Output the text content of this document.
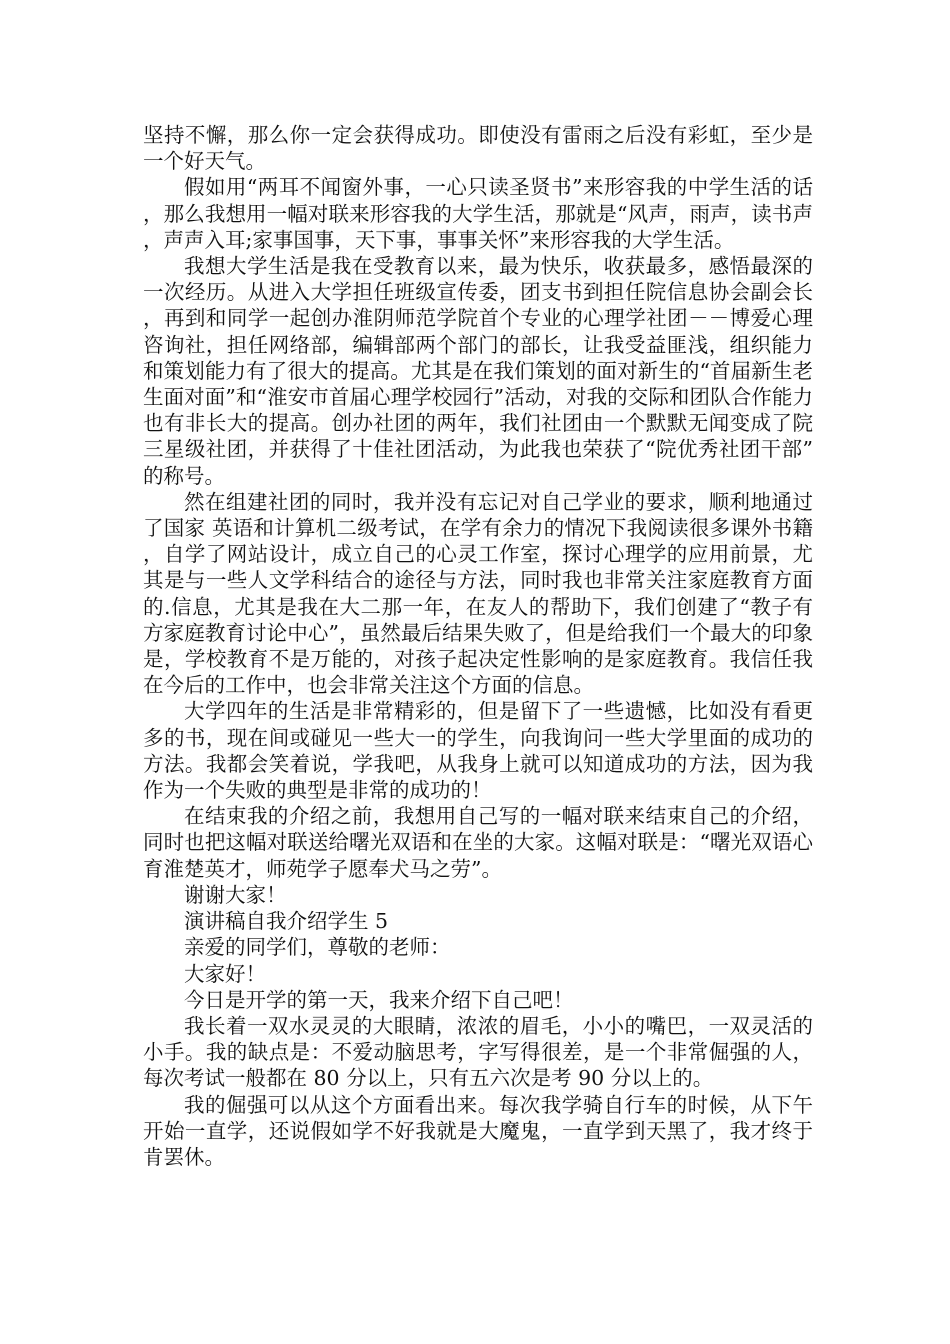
坚持不懈，那么你一定会获得成功。即使没有雷雨之后没有彩虹，至少是一个好天气。

假如用“两耳不闻窗外事，一心只读圣贤书”来形容我的中学生活的话，那么我想用一幅对联来形容我的大学生活，那就是“风声，雨声，读书声，声声入耳;家事国事，天下事，事事关怀”来形容我的大学生活。

我想大学生活是我在受教育以来，最为快乐，收获最多，感悟最深的一次经历。从进入大学担任班级宣传委，团支书到担任院信息协会副会长，再到和同学一起创办淮阴师范学院首个专业的心理学社团－－博爱心理咨询社，担任网络部，编辑部两个部门的部长，让我受益匪浅，组织能力和策划能力有了很大的提高。尤其是在我们策划的面对新生的“首届新生老生面对面”和“淮安市首届心理学校园行”活动，对我的交际和团队合作能力也有非长大的提高。创办社团的两年，我们社团由一个默默无闻变成了院三星级社团，并获得了十佳社团活动，为此我也荣获了“院优秀社团干部”的称号。

然在组建社团的同时，我并没有忘记对自己学业的要求，顺利地通过了国家 英语和计算机二级考试，在学有余力的情况下我阅读很多课外书籍，自学了网站设计，成立自己的心灵工作室，探讨心理学的应用前景，尤其是与一些人文学科结合的途径与方法，同时我也非常关注家庭教育方面的.信息，尤其是我在大二那一年，在友人的帮助下，我们创建了“教子有方家庭教育讨论中心”，虽然最后结果失败了，但是给我们一个最大的印象是，学校教育不是万能的，对孩子起决定性影响的是家庭教育。我信任我在今后的工作中，也会非常关注这个方面的信息。

大学四年的生活是非常精彩的，但是留下了一些遗憾，比如没有看更多的书，现在间或碰见一些大一的学生，向我询问一些大学里面的成功的方法。我都会笑着说，学我吧，从我身上就可以知道成功的方法，因为我作为一个失败的典型是非常的成功的！

在结束我的介绍之前，我想用自己写的一幅对联来结束自己的介绍，同时也把这幅对联送给曙光双语和在坐的大家。这幅对联是：“曙光双语心育淮楚英才，师苑学子愿奉犬马之劳”。

谢谢大家！

演讲稿自我介绍学生 5

亲爱的同学们，尊敬的老师：

大家好！

今日是开学的第一天，我来介绍下自己吧！

我长着一双水灵灵的大眼睛，浓浓的眉毛，小小的嘴巴，一双灵活的小手。我的缺点是：不爱动脑思考，字写得很差，是一个非常倔强的人，每次考试一般都在 80 分以上，只有五六次是考 90 分以上的。

我的倔强可以从这个方面看出来。每次我学骑自行车的时候，从下午开始一直学，还说假如学不好我就是大魔鬼，一直学到天黑了，我才终于肯罢休。
